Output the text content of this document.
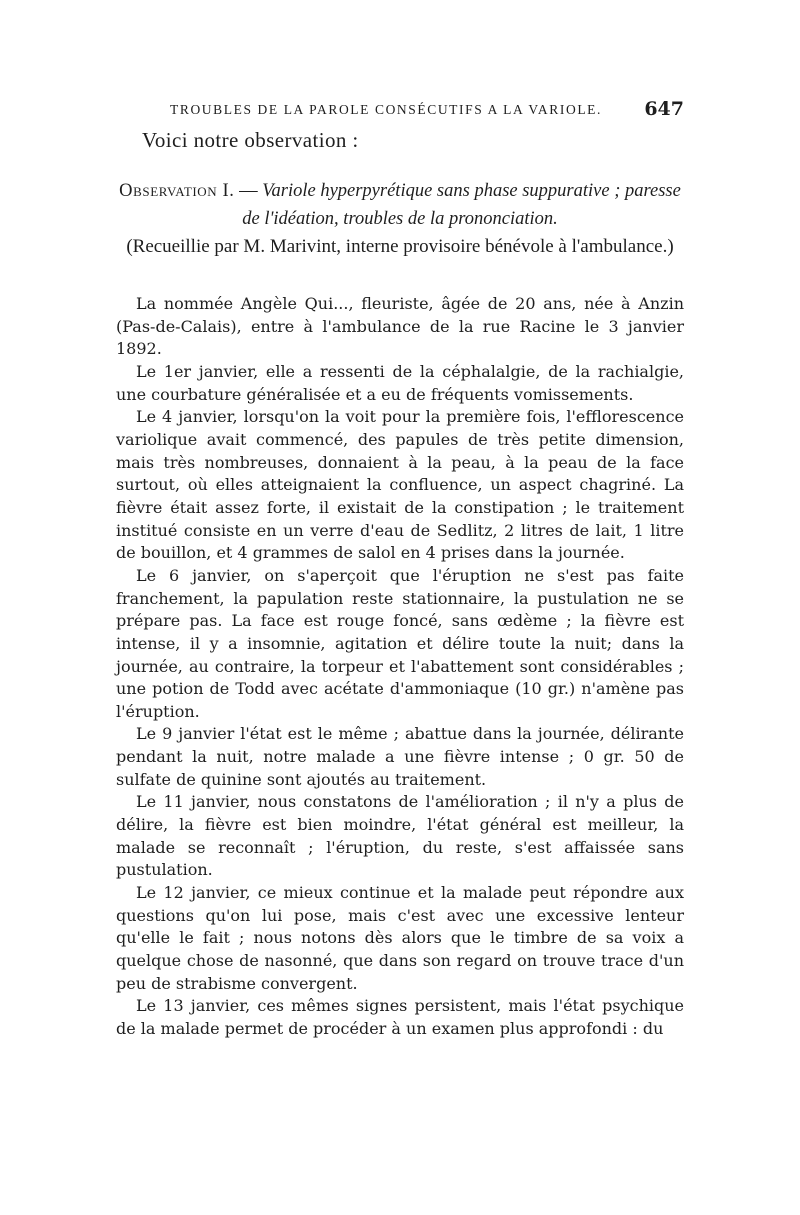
TROUBLES DE LA PAROLE CONSÉCUTIFS A LA VARIOLE. 647
Voici notre observation :
Observation I. — Variole hyperpyrétique sans phase suppurative ; paresse de l'idéation, troubles de la prononciation.
(Recueillie par M. Marivint, interne provisoire bénévole à l'ambulance.)

La nommée Angèle Qui..., fleuriste, âgée de 20 ans, née à Anzin (Pas-de-Calais), entre à l'ambulance de la rue Racine le 3 janvier 1892.

Le 1er janvier, elle a ressenti de la céphalalgie, de la rachialgie, une courbature généralisée et a eu de fréquents vomissements.

Le 4 janvier, lorsqu'on la voit pour la première fois, l'efflorescence variolique avait commencé, des papules de très petite dimension, mais très nombreuses, donnaient à la peau, à la peau de la face surtout, où elles atteignaient la confluence, un aspect chagriné. La fièvre était assez forte, il existait de la constipation ; le traitement institué consiste en un verre d'eau de Sedlitz, 2 litres de lait, 1 litre de bouillon, et 4 grammes de salol en 4 prises dans la journée.

Le 6 janvier, on s'aperçoit que l'éruption ne s'est pas faite franchement, la papulation reste stationnaire, la pustulation ne se prépare pas. La face est rouge foncé, sans œdème ; la fièvre est intense, il y a insomnie, agitation et délire toute la nuit; dans la journée, au contraire, la torpeur et l'abattement sont considérables ; une potion de Todd avec acétate d'ammoniaque (10 gr.) n'amène pas l'éruption.

Le 9 janvier l'état est le même ; abattue dans la journée, délirante pendant la nuit, notre malade a une fièvre intense ; 0 gr. 50 de sulfate de quinine sont ajoutés au traitement.

Le 11 janvier, nous constatons de l'amélioration ; il n'y a plus de délire, la fièvre est bien moindre, l'état général est meilleur, la malade se reconnaît ; l'éruption, du reste, s'est affaissée sans pustulation.

Le 12 janvier, ce mieux continue et la malade peut répondre aux questions qu'on lui pose, mais c'est avec une excessive lenteur qu'elle le fait ; nous notons dès alors que le timbre de sa voix a quelque chose de nasonné, que dans son regard on trouve trace d'un peu de strabisme convergent.

Le 13 janvier, ces mêmes signes persistent, mais l'état psychique de la malade permet de procéder à un examen plus approfondi : du
